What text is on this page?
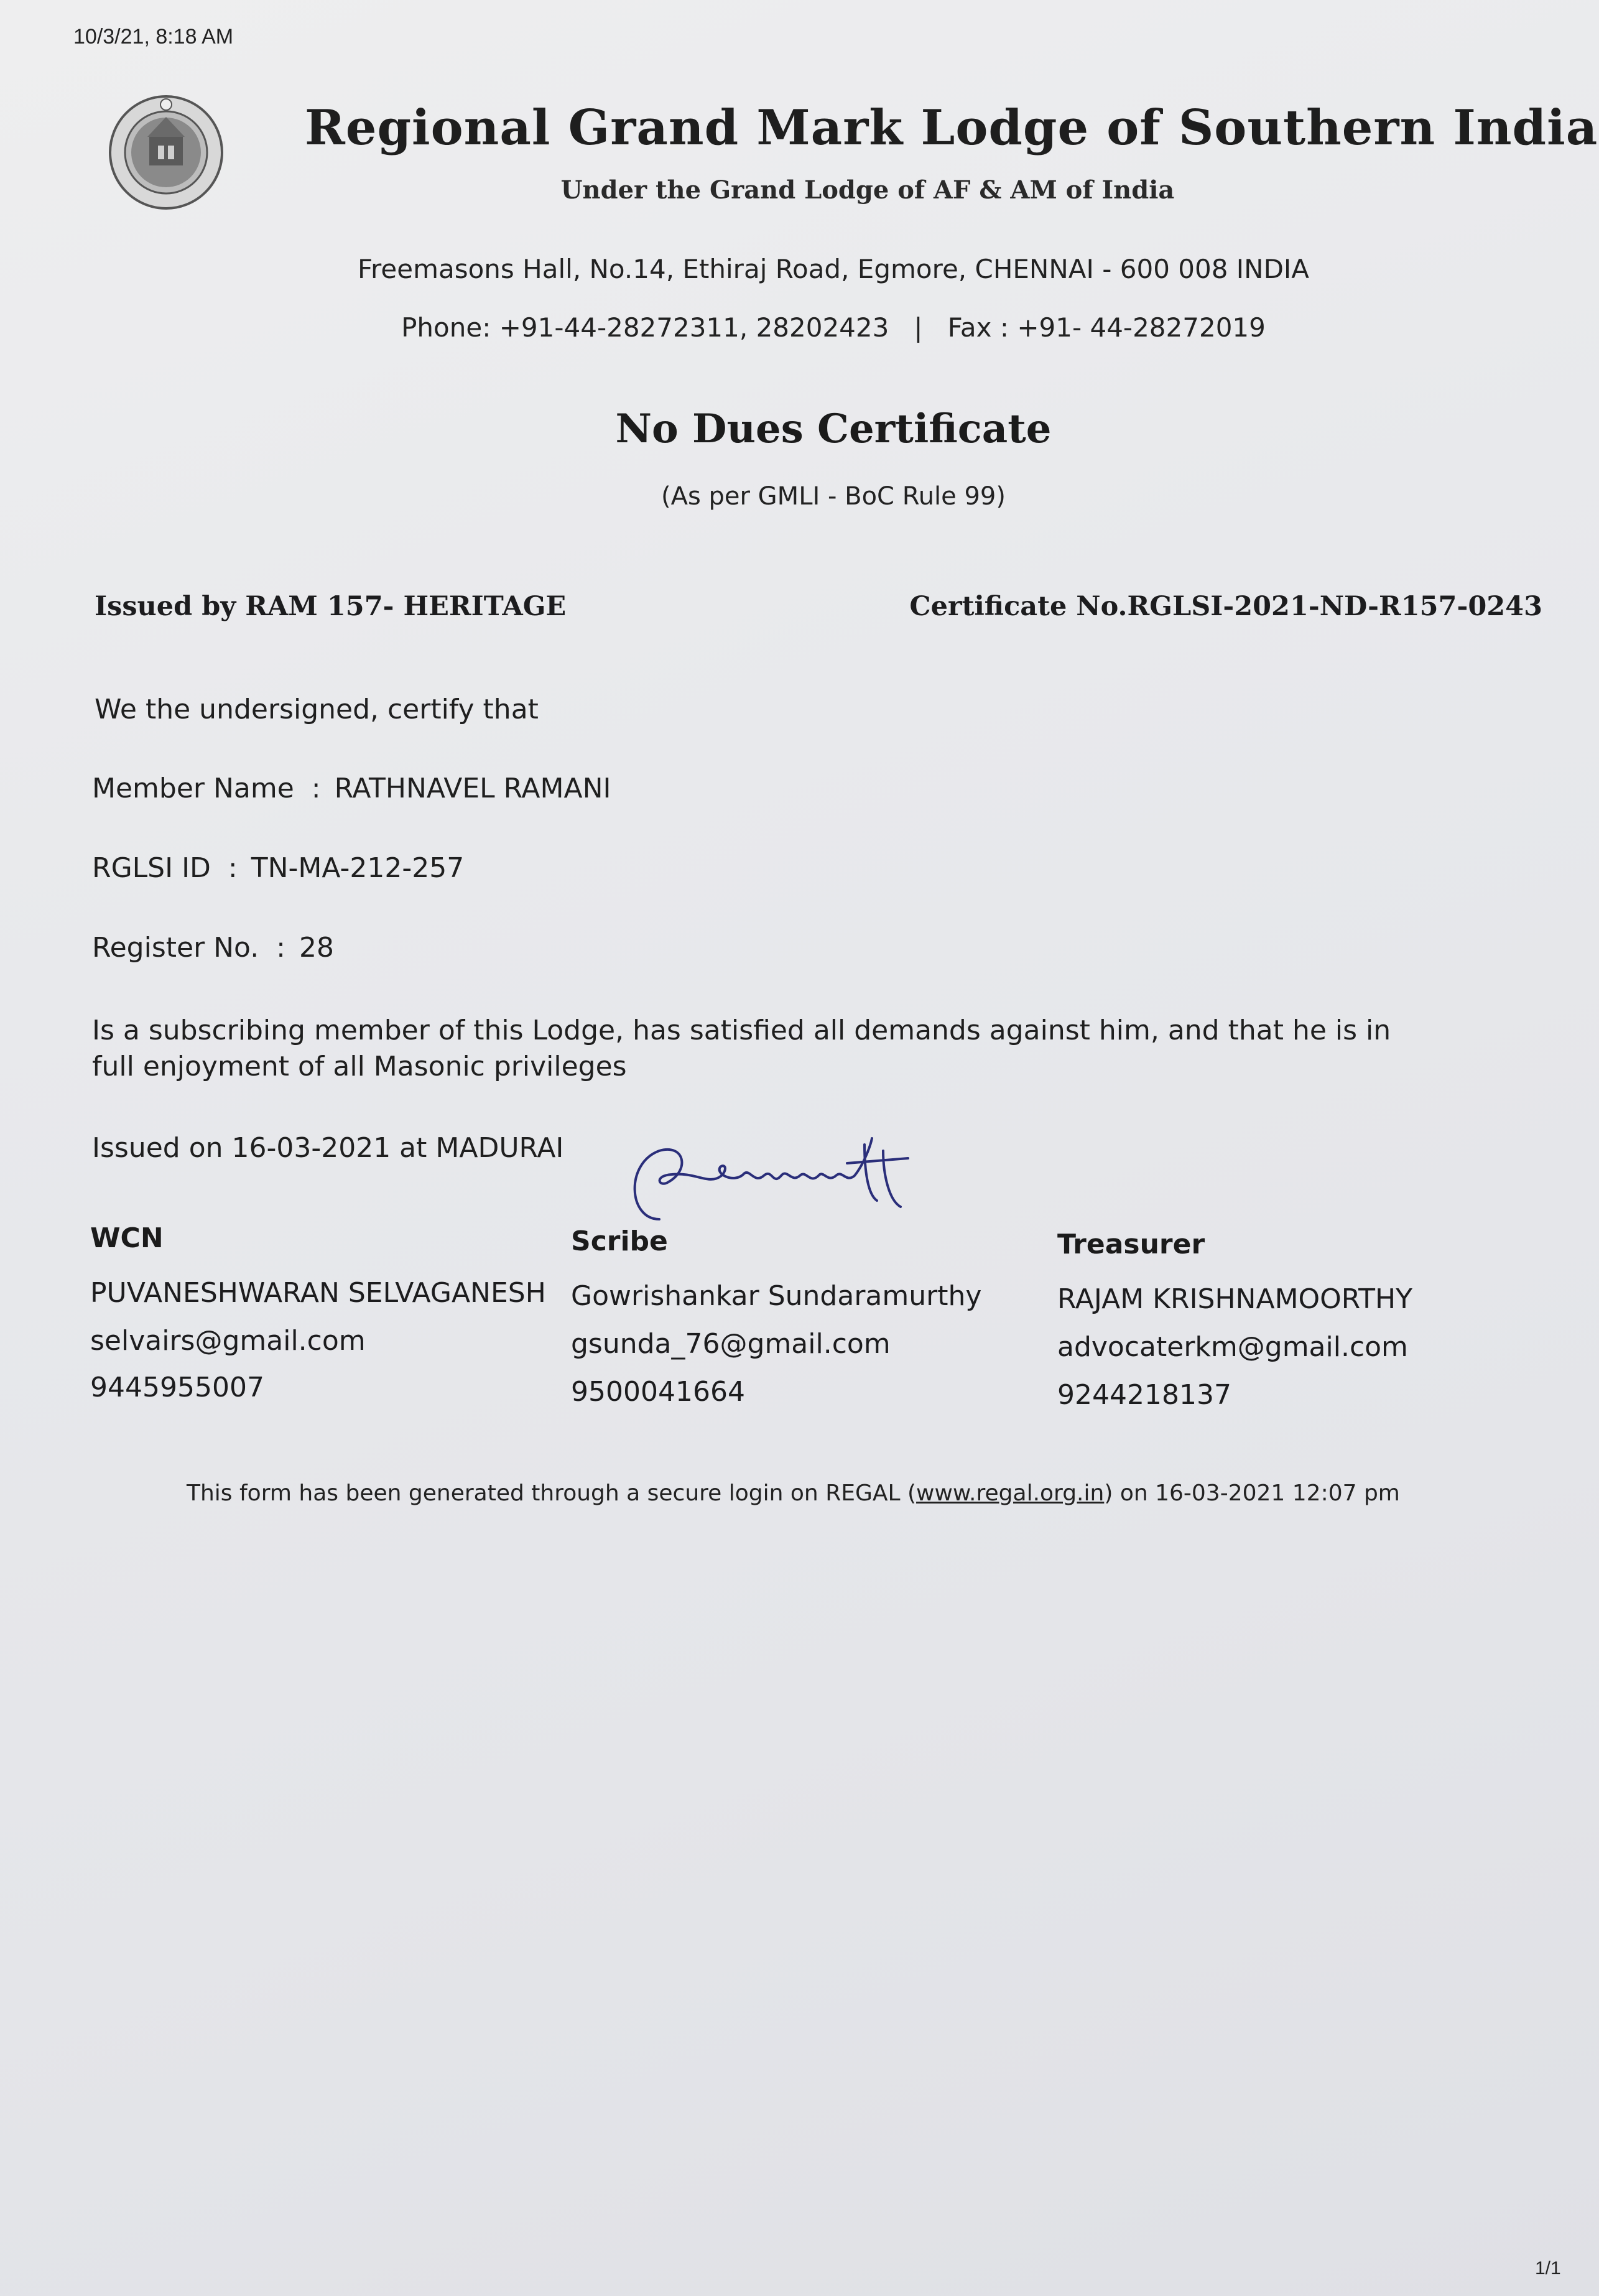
10/3/21, 8:18 AM
Regional Grand Mark Lodge of Southern India
Under the Grand Lodge of AF & AM of India
Freemasons Hall, No.14, Ethiraj Road, Egmore, CHENNAI - 600 008 INDIA
Phone: +91-44-28272311, 28202423   |   Fax : +91- 44-28272019
No Dues Certificate
(As per GMLI - BoC Rule 99)
Issued by RAM 157- HERITAGE	Certificate No.RGLSI-2021-ND-R157-0243
We the undersigned, certify that
Member Name  : RATHNAVEL RAMANI
RGLSI ID  : TN-MA-212-257
Register No.  : 28
Is a subscribing member of this Lodge, has satisfied all demands against him, and that he is in full enjoyment of all Masonic privileges
Issued on 16-03-2021 at MADURAI
WCN
PUVANESHWARAN SELVAGANESH
selvairs@gmail.com
9445955007
Scribe
Gowrishankar Sundaramurthy
gsunda_76@gmail.com
9500041664
Treasurer
RAJAM KRISHNAMOORTHY
advocaterkm@gmail.com
9244218137
This form has been generated through a secure login on REGAL (www.regal.org.in) on 16-03-2021 12:07 pm
1/1
